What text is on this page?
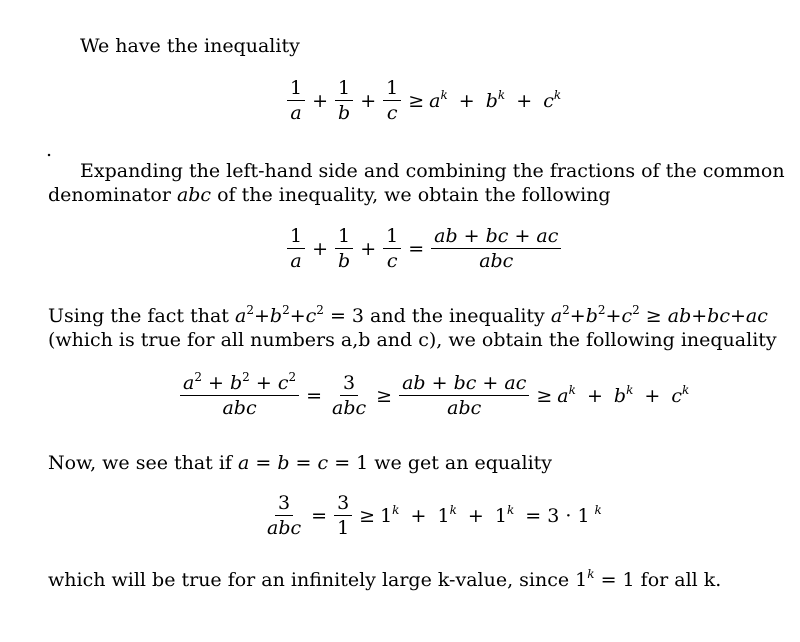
We have the inequality
$\frac{1}{a} + \frac{1}{b} + \frac{1}{c} \ge a^k + b^k + c^k$
.
Expanding the left-hand side and combining the fractions of the common
denominator abc of the inequality, we obtain the following
$\frac{1}{a} + \frac{1}{b} + \frac{1}{c} = \frac{ab + bc + ac}{\text{abc}}$
Using the fact that $a^2+b^2+c^2 = 3$ and the inequality $a^2+b^2+c^2 \ge ab+bc+ac$
(which is true for all numbers a,b and c), we obtain the following inequality
$\frac{a^2 + b^2 + c^2}{\text{abc}} = \frac{3}{\text{abc}} \ge \frac{ab + bc + ac}{\text{abc}} \ge a^k + b^k + c^k$
Now, we see that if a = b = c = 1 we get an equality
$\frac{3}{\text{abc}} = \frac{3}{1} \ge 1^k + 1^k + 1^k = 3 \cdot 1$ $^k$
which will be true for an infinitely large k-value, since $1^k = 1$ for all k.
